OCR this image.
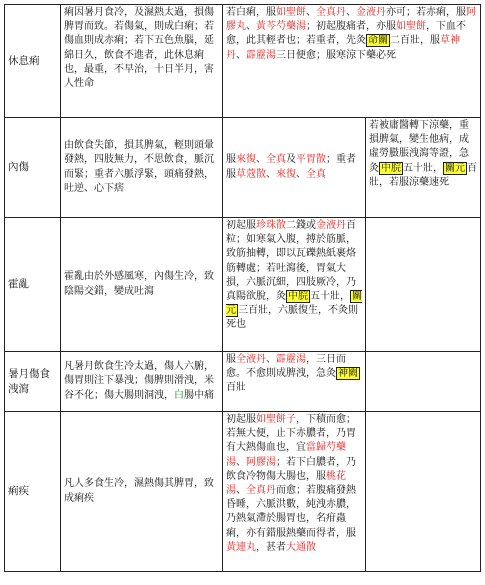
休息痢	痢因暑月食冷，及濕熱太過，損傷脾胃而致。若傷氣，則成白痢；若傷血則成赤痢；若下五色魚腦，延綿日久，飲食不進者，此休息痢也，最重，不早治，十日半月，害人性命	若白痢，服如聖餅、全真丹、金液丹亦可；若赤痢，服阿膠丸、黃芩芍藥湯；初起腹痛者，亦服如聖餅，下血不愈，此其輕者也；若重者，先灸 命關 二百壯，服草神丹、霹靂湯三日便愈；服寒涼下藥必死	
內傷	由飲食失節，損其脾氣，輕則頭暈發熱，四肢無力，不思飲食，脈沉而緊；重者六脈浮緊，頭痛發熱，吐逆、心下痞	服來復、全真及平胃散；重者服草蔻散、來復、全真	若被庸醫轉下涼藥，重損脾氣，變生他病，成虛勞臌脹洩瀉等證，急灸 中脘 五十壯， 關元 百壯，若服涼藥速死
霍亂	霍亂由於外感風寒，內傷生冷，致陰陽交錯，變成吐瀉	初起服珍珠散二錢或金液丹百粒；如寒氣入腹，搏於筋脈，致筋抽轉，即以瓦礫熱紙裹烙筋轉處；若吐瀉後，胃氣大損，六脈沉細，四肢厥冷，乃真陽欲脫，灸 中脘 五十壯， 關元 三百壯，六脈復生，不灸則死也	
暑月傷食洩瀉	凡暑月飲食生冷太過，傷人六腑，傷胃則注下暴洩；傷脾則滑洩，米谷不化；傷大腸則洞洩，白腸中痛	服全液丹、霹靂湯，三日而愈。不愈則成脾洩，急灸 神闕百壯	
痢疾	凡人多食生冷，濕熱傷其脾胃，致成痢疾	初起服如聖餅子，下積而愈；若無大便，止下赤膿者，乃胃有大熱傷血也，宜當歸芍藥湯、阿膠湯；若下白膿者，乃飲食冷物傷大腸也，服桃花湯、全真丹而愈；若腹痛發熱昏睡，六脈洪數，純洩赤膿，乃熱氣滯於腸胃也，名疳蟲痢，亦有錯服熱藥而得者，服黃連丸，甚者大通散	
